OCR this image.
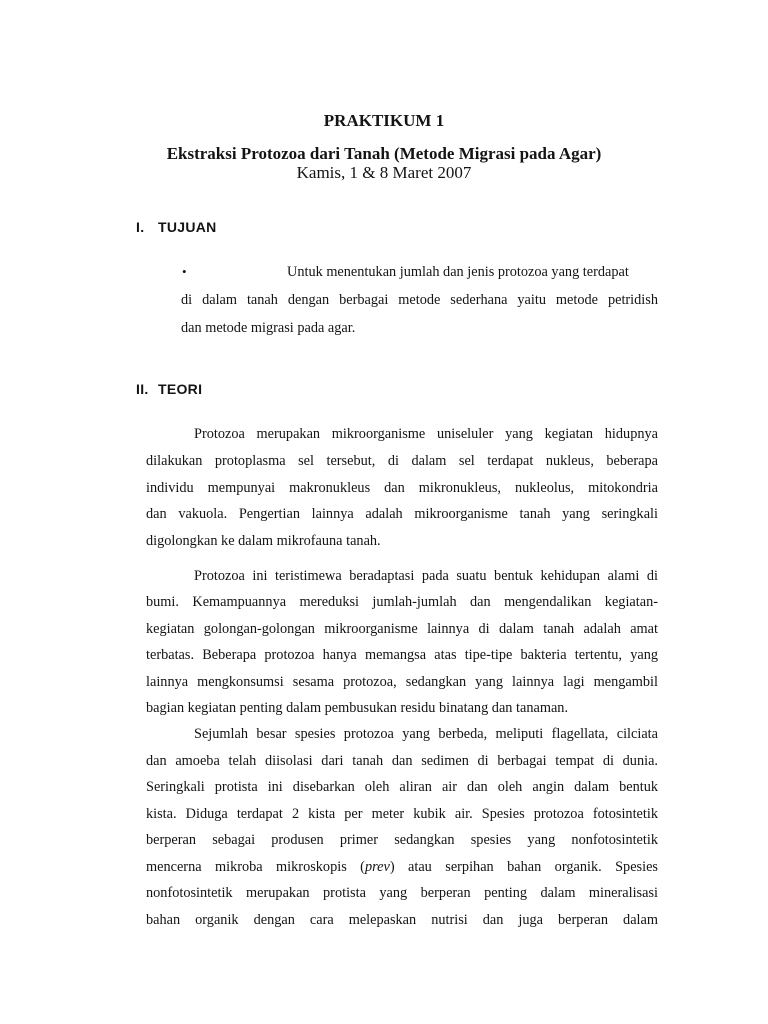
PRAKTIKUM 1
Ekstraksi Protozoa dari Tanah (Metode Migrasi pada Agar)
Kamis, 1 & 8 Maret 2007
I. TUJUAN
•	Untuk menentukan jumlah dan jenis protozoa yang terdapat
di dalam tanah dengan berbagai metode sederhana yaitu metode petridish
dan metode migrasi pada agar.
II. TEORI
Protozoa merupakan mikroorganisme uniseluler yang kegiatan hidupnya
dilakukan protoplasma sel tersebut, di dalam sel terdapat nukleus, beberapa
individu mempunyai makronukleus dan mikronukleus, nukleolus, mitokondria
dan vakuola. Pengertian lainnya adalah mikroorganisme tanah yang seringkali
digolongkan ke dalam mikrofauna tanah.
Protozoa ini teristimewa beradaptasi pada suatu bentuk kehidupan alami di
bumi. Kemampuannya mereduksi jumlah-jumlah dan mengendalikan kegiatan-
kegiatan golongan-golongan mikroorganisme lainnya di dalam tanah adalah amat
terbatas. Beberapa protozoa hanya memangsa atas tipe-tipe bakteria tertentu, yang
lainnya mengkonsumsi sesama protozoa, sedangkan yang lainnya lagi mengambil
bagian kegiatan penting dalam pembusukan residu binatang dan tanaman.
Sejumlah besar spesies protozoa yang berbeda, meliputi flagellata, cilciata
dan amoeba telah diisolasi dari tanah dan sedimen di berbagai tempat di dunia.
Seringkali protista ini disebarkan oleh aliran air dan oleh angin dalam bentuk
kista. Diduga terdapat 2 kista per meter kubik air. Spesies protozoa fotosintetik
berperan sebagai produsen primer sedangkan spesies yang nonfotosintetik
mencerna mikroba mikroskopis (prev) atau serpihan bahan organik. Spesies
nonfotosintetik merupakan protista yang berperan penting dalam mineralisasi
bahan organik dengan cara melepaskan nutrisi dan juga berperan dalam
